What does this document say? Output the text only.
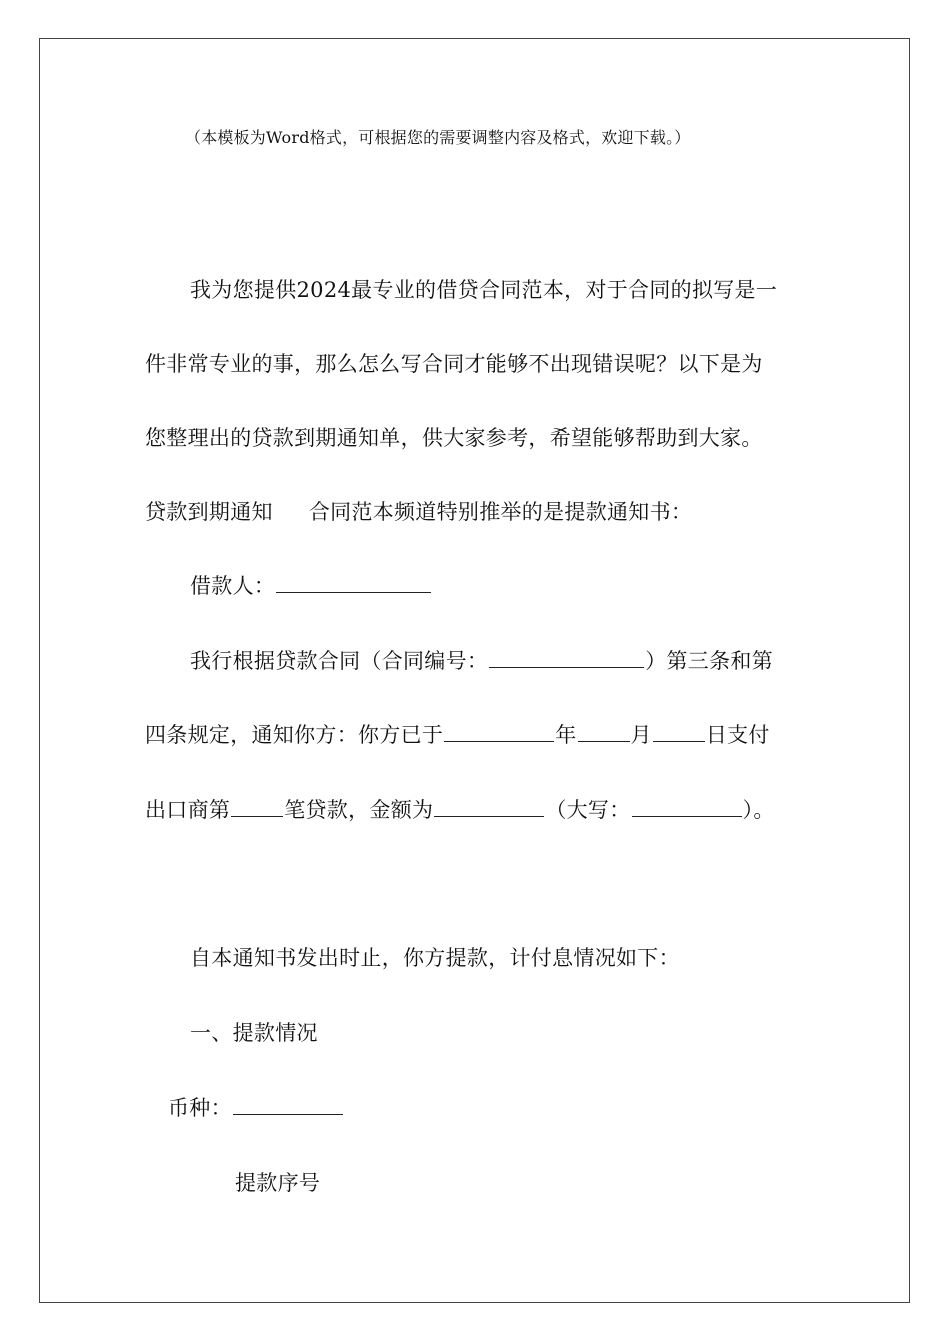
（本模板为Word格式，可根据您的需要调整内容及格式，欢迎下载。）
我为您提供2024最专业的借贷合同范本，对于合同的拟写是一
件非常专业的事，那么怎么写合同才能够不出现错误呢？以下是为
您整理出的贷款到期通知单，供大家参考，希望能够帮助到大家。
贷款到期通知 合同范本频道特别推举的是提款通知书：
借款人：
我行根据贷款合同（合同编号：	）第三条和第
四条规定，通知你方：你方已于	年	月	日支付
出口商第	笔贷款，金额为	（大写：	）。
自本通知书发出时止，你方提款，计付息情况如下：
一、提款情况
币种：
提款序号
